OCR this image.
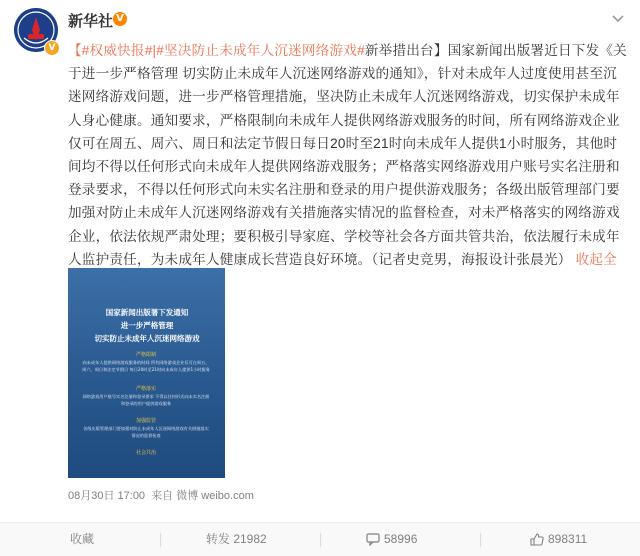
V
新华社 V
【#权威快报#|#坚决防止未成年人沉迷网络游戏#新举措出台】国家新闻出版署近日下发《关于进一步严格管理 切实防止未成年人沉迷网络游戏的通知》，针对未成年人过度使用甚至沉迷网络游戏问题，进一步严格管理措施，坚决防止未成年人沉迷网络游戏，切实保护未成年人身心健康。通知要求，严格限制向未成年人提供网络游戏服务的时间，所有网络游戏企业仅可在周五、周六、周日和法定节假日每日20时至21时向未成年人提供1小时服务，其他时间均不得以任何形式向未成年人提供网络游戏服务；严格落实网络游戏用户账号实名注册和登录要求，不得以任何形式向未实名注册和登录的用户提供游戏服务；各级出版管理部门要加强对防止未成年人沉迷网络游戏有关措施落实情况的监督检查，对未严格落实的网络游戏企业，依法依规严肃处理；要积极引导家庭、学校等社会各方面共管共治，依法履行未成年人监护责任，为未成年人健康成长营造良好环境。（记者史竞男，海报设计张晨光） 收起全
国家新闻出版署下发通知
进一步严格管理
切实防止未成年人沉迷网络游戏
严格限制
向未成年人提供网络游戏服务的时间 所有网络游戏企业仅可在周五、周六、周日和法定节假日 每日20时至21时向未成年人提供1小时服务
严格落实
网络游戏用户账号实名注册和登录要求 不得以任何形式向未实名注册和登录的用户提供游戏服务
加强监管
各级出版管理部门要加强对防止未成年人沉迷网络游戏有关措施落实情况的监督检查
社会共治
08月30日 17:00 来自 微博 weibo.com
收藏	转发 21982	58996	898311
